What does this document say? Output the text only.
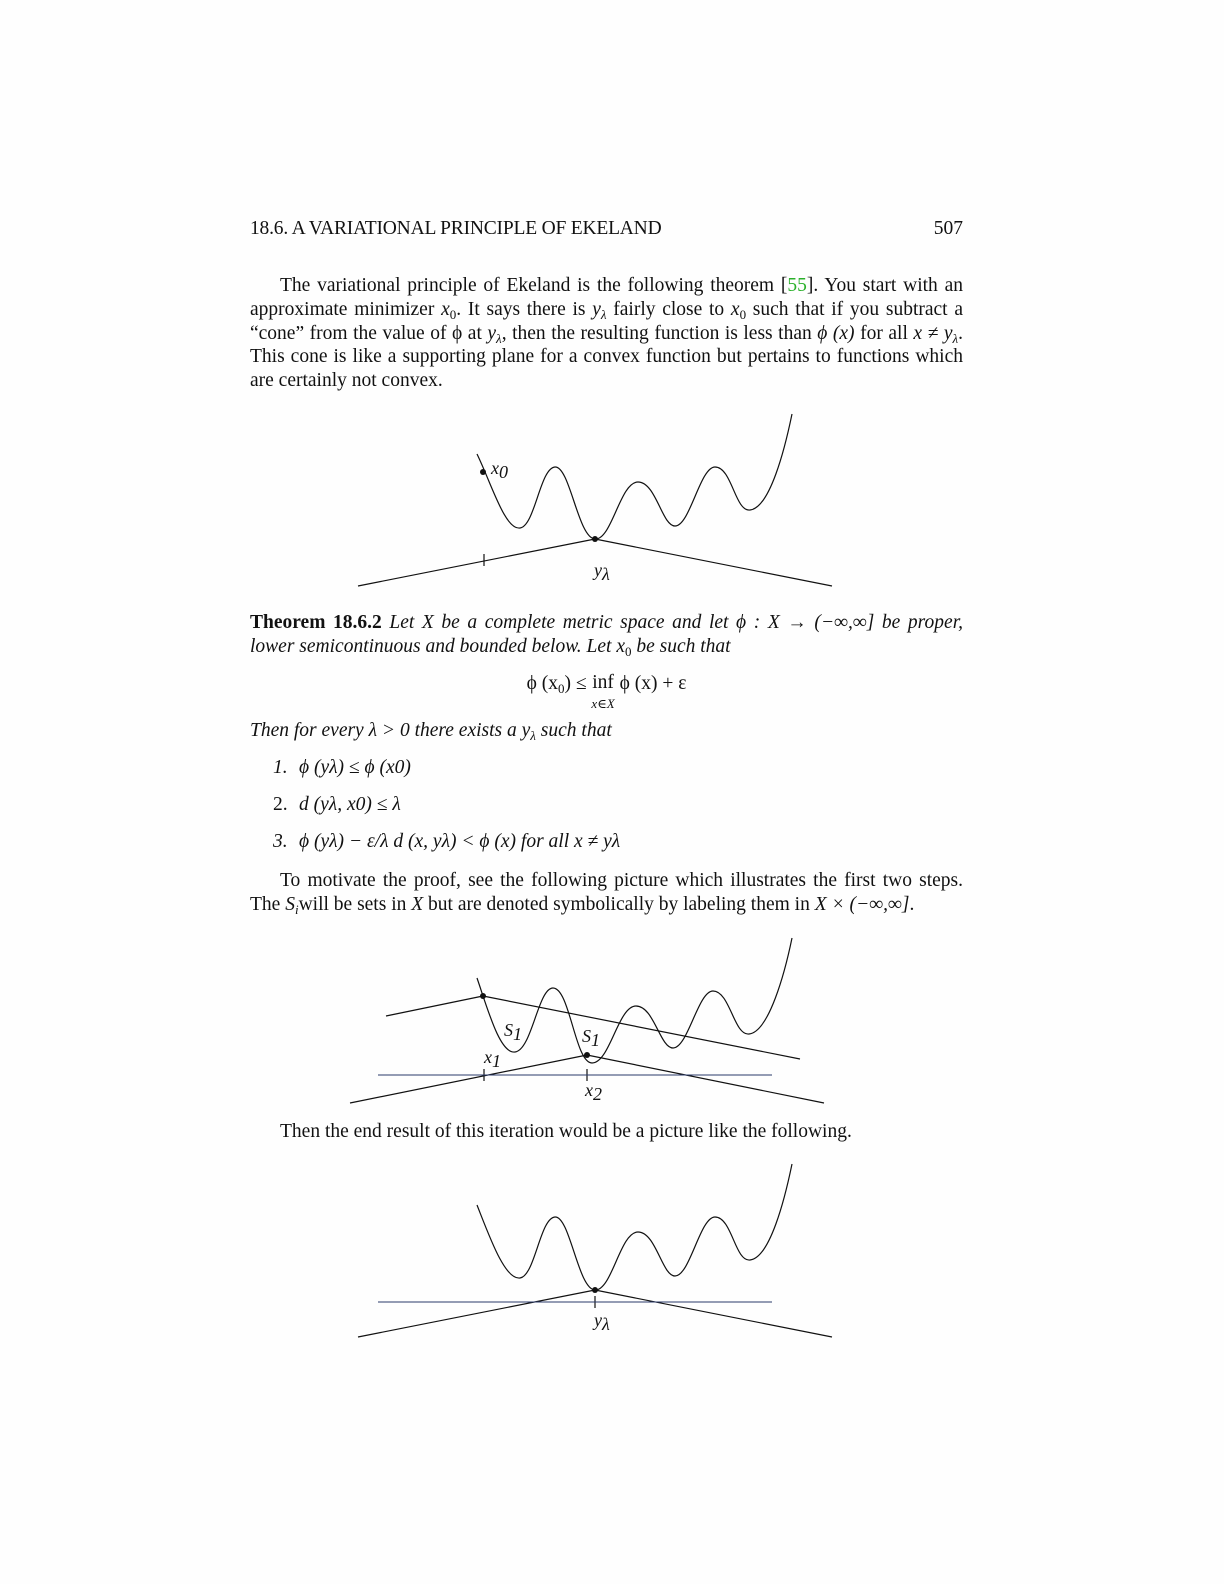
18.6. A VARIATIONAL PRINCIPLE OF EKELAND	507
The variational principle of Ekeland is the following theorem [55]. You start with an approximate minimizer $x_0$. It says there is $y_\lambda$ fairly close to $x_0$ such that if you subtract a “cone” from the value of ϕ at $y_\lambda$, then the resulting function is less than ϕ (x) for all $x \ne y_\lambda$. This cone is like a supporting plane for a convex function but pertains to functions which are certainly not convex.
x0
yλ
Theorem 18.6.2 Let X be a complete metric space and let ϕ : X → (−∞,∞] be proper, lower semicontinuous and bounded below. Let $x_0$ be such that
ϕ $(x_0)$ ≤ inf
x∈X ϕ (x) + ε
Then for every λ > 0 there exists a $y_\lambda$ such that
1. ϕ (yλ) ≤ ϕ (x0)
2. d (yλ, x0) ≤ λ
3. ϕ (yλ) − ε/λ d (x, yλ) < ϕ (x) for all x ≠ yλ
To motivate the proof, see the following picture which illustrates the first two steps. The $S_iwill$ be sets in X but are denoted symbolically by labeling them in X × (−∞,∞].
S1	S1
x1
x2
Then the end result of this iteration would be a picture like the following.
yλ
